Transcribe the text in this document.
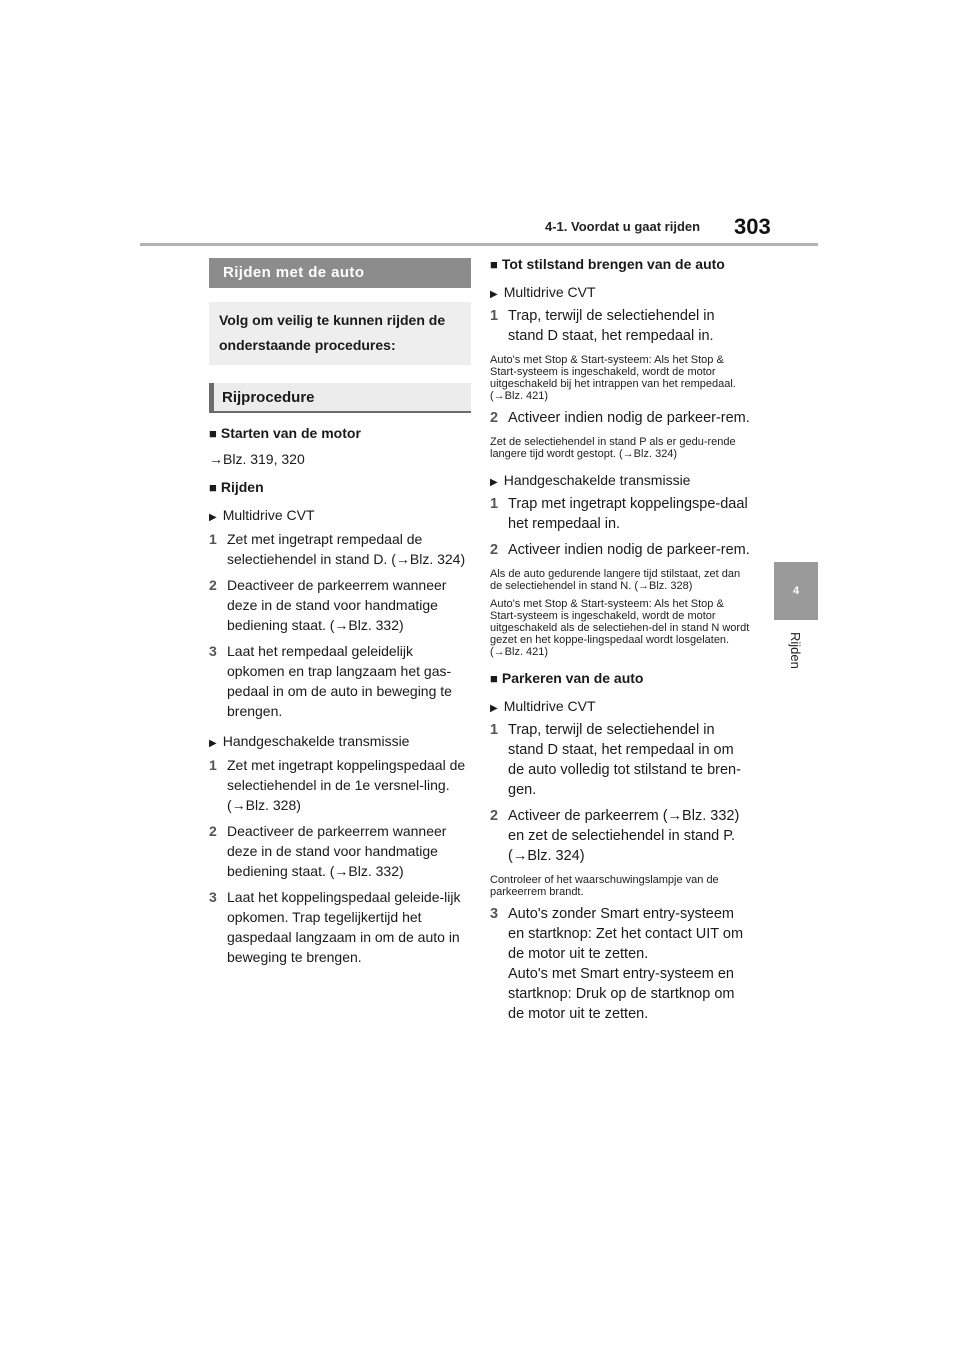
4-1. Voordat u gaat rijden 303
4
Rijden
Rijden met de auto
Volg om veilig te kunnen rijden de onderstaande procedures:
Rijprocedure
■ Starten van de motor
→Blz. 319, 320
■ Rijden
▶ Multidrive CVT
1 Zet met ingetrapt rempedaal de selectiehendel in stand D. (→Blz. 324)
2 Deactiveer de parkeerrem wanneer deze in de stand voor handmatige bediening staat. (→Blz. 332)
3 Laat het rempedaal geleidelijk opkomen en trap langzaam het gas-pedaal in om de auto in beweging te brengen.
▶ Handgeschakelde transmissie
1 Zet met ingetrapt koppelingspedaal de selectiehendel in de 1e versnel-ling. (→Blz. 328)
2 Deactiveer de parkeerrem wanneer deze in de stand voor handmatige bediening staat. (→Blz. 332)
3 Laat het koppelingspedaal geleide-lijk opkomen. Trap tegelijkertijd het gaspedaal langzaam in om de auto in beweging te brengen.
■ Tot stilstand brengen van de auto
▶ Multidrive CVT
1 Trap, terwijl de selectiehendel in stand D staat, het rempedaal in.
Auto's met Stop & Start-systeem: Als het Stop & Start-systeem is ingeschakeld, wordt de motor uitgeschakeld bij het intrappen van het rempedaal. (→Blz. 421)
2 Activeer indien nodig de parkeer-rem.
Zet de selectiehendel in stand P als er gedu-rende langere tijd wordt gestopt. (→Blz. 324)
▶ Handgeschakelde transmissie
1 Trap met ingetrapt koppelingspe-daal het rempedaal in.
2 Activeer indien nodig de parkeer-rem.
Als de auto gedurende langere tijd stilstaat, zet dan de selectiehendel in stand N. (→Blz. 328)
Auto's met Stop & Start-systeem: Als het Stop & Start-systeem is ingeschakeld, wordt de motor uitgeschakeld als de selectiehen-del in stand N wordt gezet en het koppe-lingspedaal wordt losgelaten. (→Blz. 421)
■ Parkeren van de auto
▶ Multidrive CVT
1 Trap, terwijl de selectiehendel in stand D staat, het rempedaal in om de auto volledig tot stilstand te bren-gen.
2 Activeer de parkeerrem (→Blz. 332) en zet de selectiehendel in stand P. (→Blz. 324)
Controleer of het waarschuwingslampje van de parkeerrem brandt.
3 Auto's zonder Smart entry-systeem en startknop: Zet het contact UIT om de motor uit te zetten.
Auto's met Smart entry-systeem en startknop: Druk op de startknop om de motor uit te zetten.
